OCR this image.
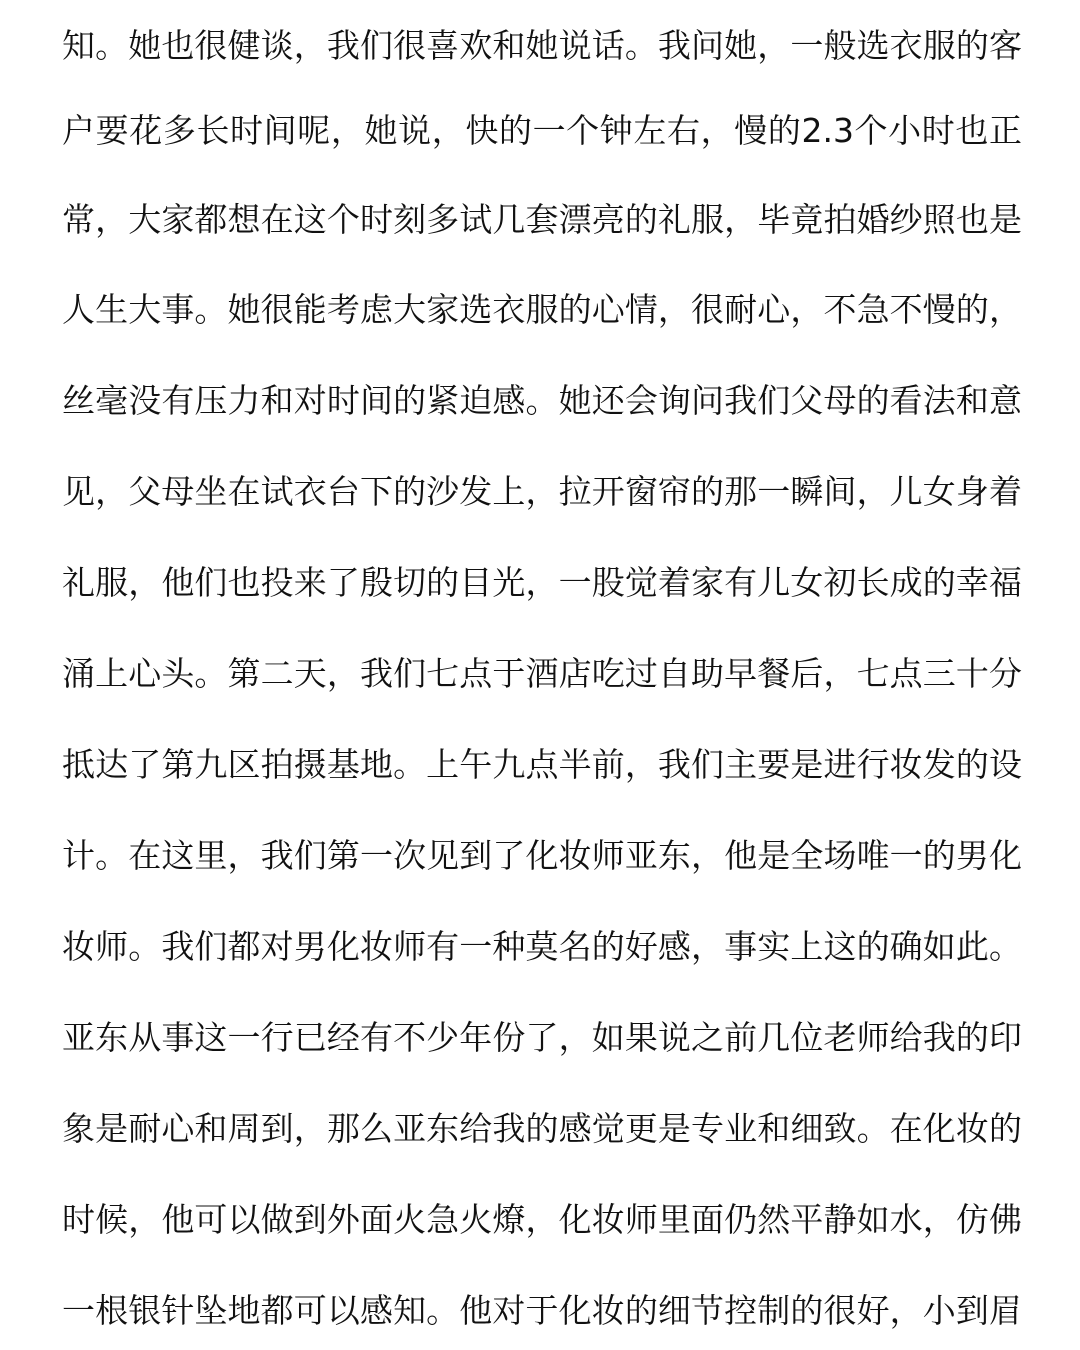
知。她也很健谈，我们很喜欢和她说话。我问她，一般选衣服的客
户要花多长时间呢，她说，快的一个钟左右，慢的2.3个小时也正
常，大家都想在这个时刻多试几套漂亮的礼服，毕竟拍婚纱照也是
人生大事。她很能考虑大家选衣服的心情，很耐心，不急不慢的，
丝毫没有压力和对时间的紧迫感。她还会询问我们父母的看法和意
见，父母坐在试衣台下的沙发上，拉开窗帘的那一瞬间，儿女身着
礼服，他们也投来了殷切的目光，一股觉着家有儿女初长成的幸福
涌上心头。第二天，我们七点于酒店吃过自助早餐后，七点三十分
抵达了第九区拍摄基地。上午九点半前，我们主要是进行妆发的设
计。在这里，我们第一次见到了化妆师亚东，他是全场唯一的男化
妆师。我们都对男化妆师有一种莫名的好感，事实上这的确如此。
亚东从事这一行已经有不少年份了，如果说之前几位老师给我的印
象是耐心和周到，那么亚东给我的感觉更是专业和细致。在化妆的
时候，他可以做到外面火急火燎，化妆师里面仍然平静如水，仿佛
一根银针坠地都可以感知。他对于化妆的细节控制的很好，小到眉
